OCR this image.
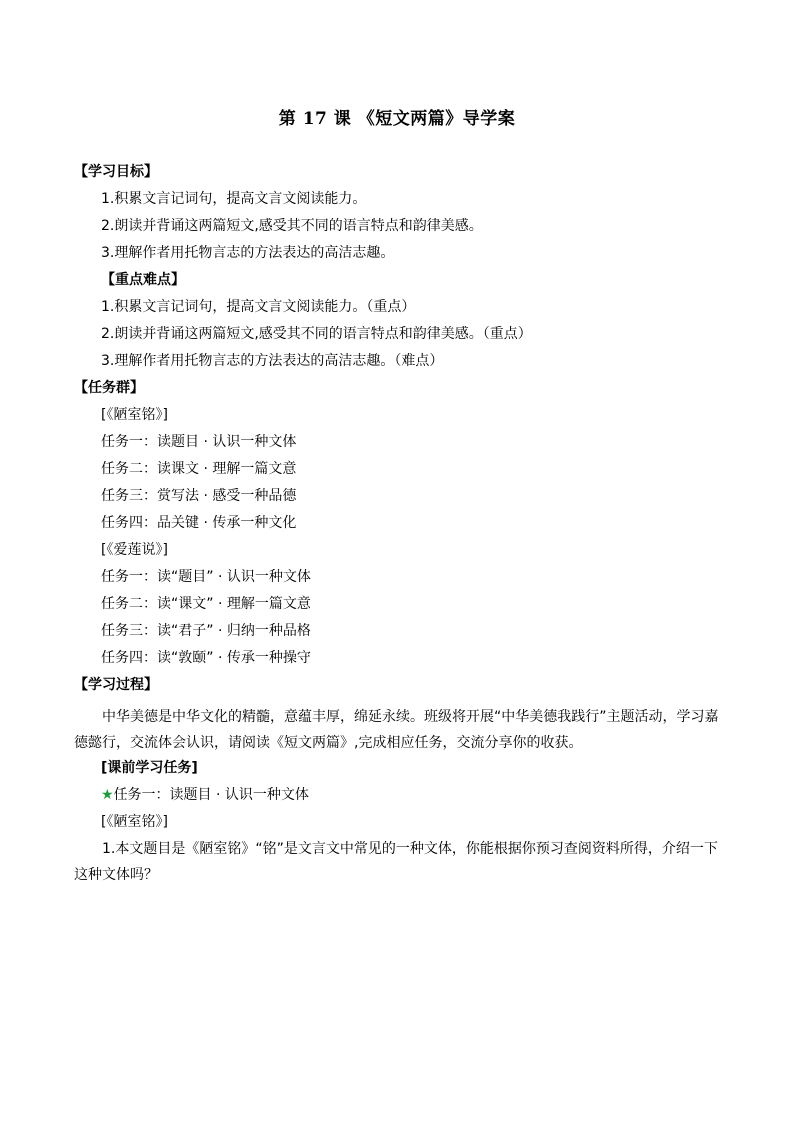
第 17 课 《短文两篇》导学案
【学习目标】
1.积累文言记词句，提高文言文阅读能力。
2.朗读并背诵这两篇短文,感受其不同的语言特点和韵律美感。
3.理解作者用托物言志的方法表达的高洁志趣。
【重点难点】
1.积累文言记词句，提高文言文阅读能力。（重点）
2.朗读并背诵这两篇短文,感受其不同的语言特点和韵律美感。（重点）
3.理解作者用托物言志的方法表达的高洁志趣。（难点）
【任务群】
[《陋室铭》]
任务一：读题目 · 认识一种文体
任务二：读课文 · 理解一篇文意
任务三：赏写法 · 感受一种品德
任务四：品关键 · 传承一种文化
[《爱莲说》]
任务一：读“题目” · 认识一种文体
任务二：读“课文” · 理解一篇文意
任务三：读“君子” · 归纳一种品格
任务四：读“敦颐” · 传承一种操守
【学习过程】
中华美德是中华文化的精髓，意蕴丰厚，绵延永续。班级将开展“中华美德我践行”主题活动，学习嘉德懿行，交流体会认识，请阅读《短文两篇》,完成相应任务，交流分享你的收获。
[课前学习任务]
★任务一：读题目 · 认识一种文体
[《陋室铭》]
1.本文题目是《陋室铭》“铭”是文言文中常见的一种文体，你能根据你预习查阅资料所得，介绍一下这种文体吗？
